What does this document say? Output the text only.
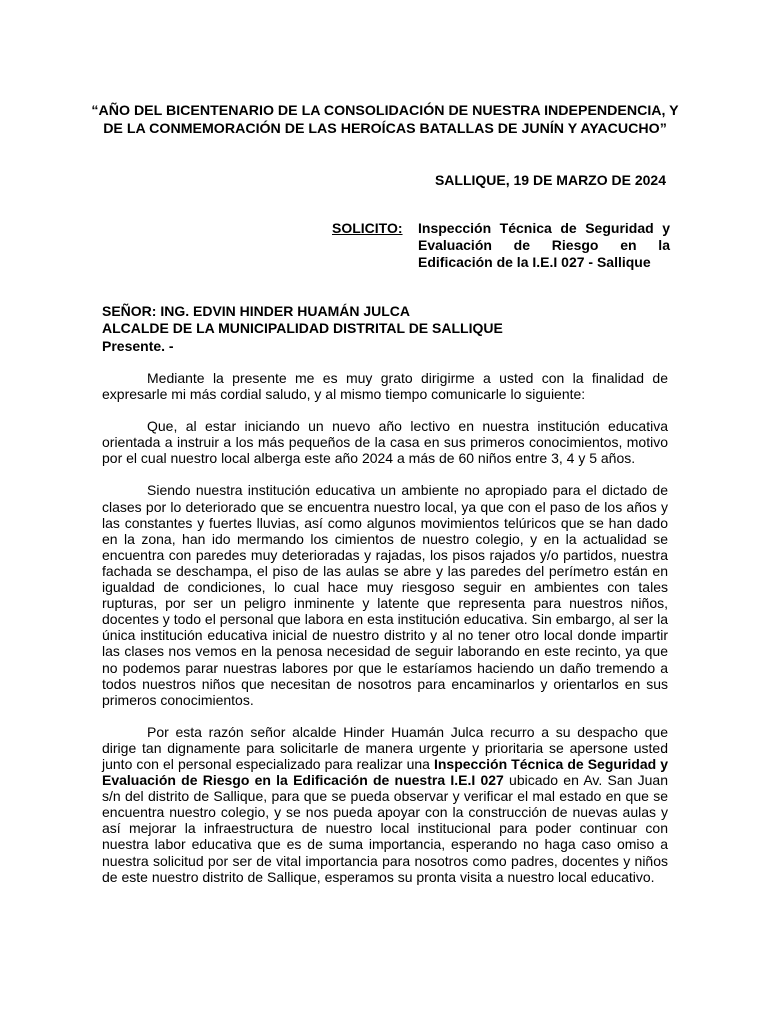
“AÑO DEL BICENTENARIO DE LA CONSOLIDACIÓN DE NUESTRA INDEPENDENCIA, Y DE LA CONMEMORACIÓN DE LAS HEROÍCAS BATALLAS DE JUNÍN Y AYACUCHO”
SALLIQUE, 19 DE MARZO DE 2024
SOLICITO: Inspección Técnica de Seguridad y Evaluación de Riesgo en la Edificación de la I.E.I 027 - Sallique
SEÑOR: ING. EDVIN HINDER HUAMÁN JULCA
ALCALDE DE LA MUNICIPALIDAD DISTRITAL DE SALLIQUE
Presente. -

Mediante la presente me es muy grato dirigirme a usted con la finalidad de expresarle mi más cordial saludo, y al mismo tiempo comunicarle lo siguiente:

Que, al estar iniciando un nuevo año lectivo en nuestra institución educativa orientada a instruir a los más pequeños de la casa en sus primeros conocimientos, motivo por el cual nuestro local alberga este año 2024 a más de 60 niños entre 3, 4 y 5 años.

Siendo nuestra institución educativa un ambiente no apropiado para el dictado de clases por lo deteriorado que se encuentra nuestro local, ya que con el paso de los años y las constantes y fuertes lluvias, así como algunos movimientos telúricos que se han dado en la zona, han ido mermando los cimientos de nuestro colegio, y en la actualidad se encuentra con paredes muy deterioradas y rajadas, los pisos rajados y/o partidos, nuestra fachada se deschampa, el piso de las aulas se abre y las paredes del perímetro están en igualdad de condiciones, lo cual hace muy riesgoso seguir en ambientes con tales rupturas, por ser un peligro inminente y latente que representa para nuestros niños, docentes y todo el personal que labora en esta institución educativa. Sin embargo, al ser la única institución educativa inicial de nuestro distrito y al no tener otro local donde impartir las clases nos vemos en la penosa necesidad de seguir laborando en este recinto, ya que no podemos parar nuestras labores por que le estaríamos haciendo un daño tremendo a todos nuestros niños que necesitan de nosotros para encaminarlos y orientarlos en sus primeros conocimientos.

Por esta razón señor alcalde Hinder Huamán Julca recurro a su despacho que dirige tan dignamente para solicitarle de manera urgente y prioritaria se apersone usted junto con el personal especializado para realizar una Inspección Técnica de Seguridad y Evaluación de Riesgo en la Edificación de nuestra I.E.I 027 ubicado en Av. San Juan s/n del distrito de Sallique, para que se pueda observar y verificar el mal estado en que se encuentra nuestro colegio, y se nos pueda apoyar con la construcción de nuevas aulas y así mejorar la infraestructura de nuestro local institucional para poder continuar con nuestra labor educativa que es de suma importancia, esperando no haga caso omiso a nuestra solicitud por ser de vital importancia para nosotros como padres, docentes y niños de este nuestro distrito de Sallique, esperamos su pronta visita a nuestro local educativo.
